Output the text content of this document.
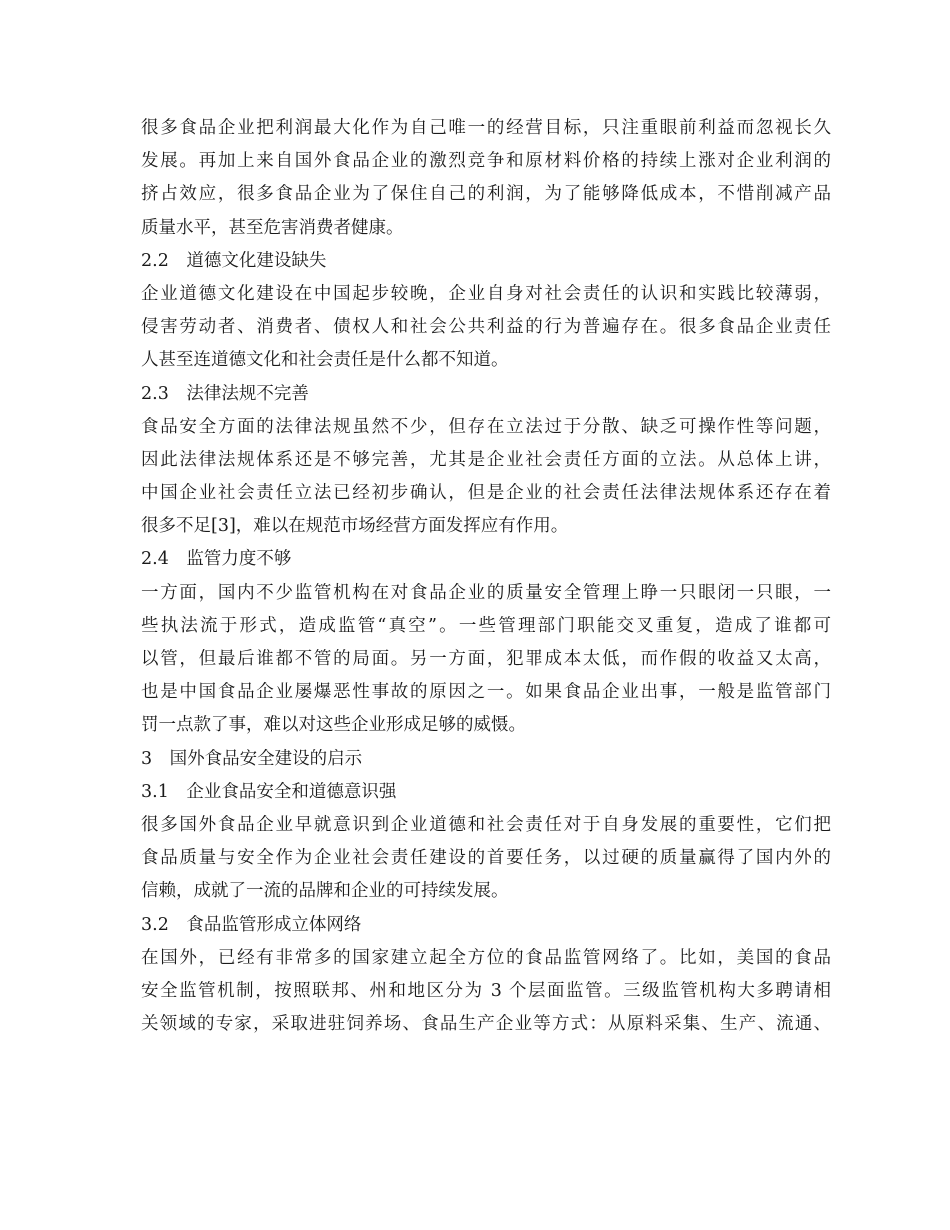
很多食品企业把利润最大化作为自己唯一的经营目标，只注重眼前利益而忽视长久
发展。再加上来自国外食品企业的激烈竞争和原材料价格的持续上涨对企业利润的
挤占效应，很多食品企业为了保住自己的利润，为了能够降低成本，不惜削减产品
质量水平，甚至危害消费者健康。
2.2　道德文化建设缺失
企业道德文化建设在中国起步较晚，企业自身对社会责任的认识和实践比较薄弱，
侵害劳动者、消费者、债权人和社会公共利益的行为普遍存在。很多食品企业责任
人甚至连道德文化和社会责任是什么都不知道。
2.3　法律法规不完善
食品安全方面的法律法规虽然不少，但存在立法过于分散、缺乏可操作性等问题，
因此法律法规体系还是不够完善，尤其是企业社会责任方面的立法。从总体上讲，
中国企业社会责任立法已经初步确认，但是企业的社会责任法律法规体系还存在着
很多不足[3]，难以在规范市场经营方面发挥应有作用。
2.4　监管力度不够
一方面，国内不少监管机构在对食品企业的质量安全管理上睁一只眼闭一只眼，一
些执法流于形式，造成监管“真空”。一些管理部门职能交叉重复，造成了谁都可
以管，但最后谁都不管的局面。另一方面，犯罪成本太低，而作假的收益又太高，
也是中国食品企业屡爆恶性事故的原因之一。如果食品企业出事，一般是监管部门
罚一点款了事，难以对这些企业形成足够的威慑。
3　国外食品安全建设的启示
3.1　企业食品安全和道德意识强
很多国外食品企业早就意识到企业道德和社会责任对于自身发展的重要性，它们把
食品质量与安全作为企业社会责任建设的首要任务，以过硬的质量赢得了国内外的
信赖，成就了一流的品牌和企业的可持续发展。
3.2　食品监管形成立体网络
在国外，已经有非常多的国家建立起全方位的食品监管网络了。比如，美国的食品
安全监管机制，按照联邦、州和地区分为 3 个层面监管。三级监管机构大多聘请相
关领域的专家，采取进驻饲养场、食品生产企业等方式：从原料采集、生产、流通、
